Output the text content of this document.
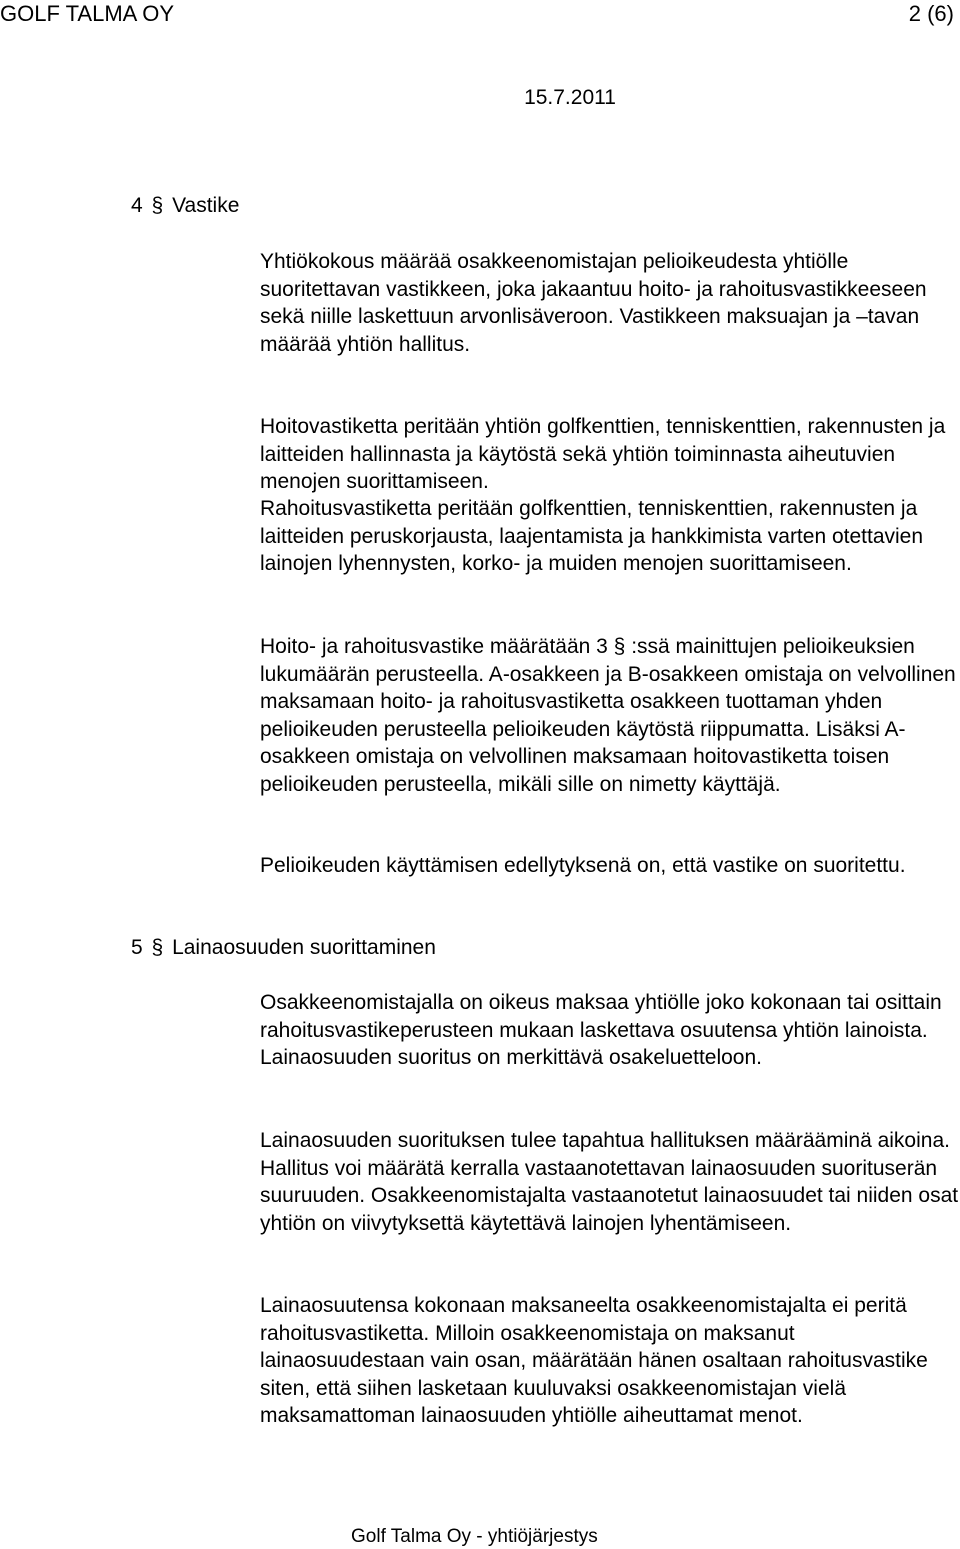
GOLF TALMA OY	2 (6)
15.7.2011
4 § Vastike
Yhtiökokous määrää osakkeenomistajan pelioikeudesta yhtiölle suoritettavan vastikkeen, joka jakaantuu hoito- ja rahoitusvastikkeeseen sekä niille laskettuun arvonlisäveroon. Vastikkeen maksuajan ja –tavan määrää yhtiön hallitus.
Hoitovastiketta peritään yhtiön golfkenttien, tenniskenttien, rakennusten ja laitteiden hallinnasta ja käytöstä sekä yhtiön toiminnasta aiheutuvien menojen suorittamiseen.
Rahoitusvastiketta peritään golfkenttien, tenniskenttien, rakennusten ja laitteiden peruskorjausta, laajentamista ja hankkimista varten otettavien lainojen lyhennysten, korko- ja muiden menojen suorittamiseen.
Hoito- ja rahoitusvastike määrätään 3 § :ssä mainittujen pelioikeuksien lukumäärän perusteella. A-osakkeen ja B-osakkeen omistaja on velvollinen maksamaan hoito- ja rahoitusvastiketta osakkeen tuottaman yhden pelioikeuden perusteella pelioikeuden käytöstä riippumatta. Lisäksi A-osakkeen omistaja on velvollinen maksamaan hoitovastiketta toisen pelioikeuden perusteella, mikäli sille on nimetty käyttäjä.
Pelioikeuden käyttämisen edellytyksenä on, että vastike on suoritettu.
5 § Lainaosuuden suorittaminen
Osakkeenomistajalla on oikeus maksaa yhtiölle joko kokonaan tai osittain rahoitusvastikeperusteen mukaan laskettava osuutensa yhtiön lainoista. Lainaosuuden suoritus on merkittävä osakeluetteloon.
Lainaosuuden suorituksen tulee tapahtua hallituksen määrääminä aikoina. Hallitus voi määrätä kerralla vastaanotettavan lainaosuuden suorituserän suuruuden. Osakkeenomistajalta vastaanotetut lainaosuudet tai niiden osat yhtiön on viivytyksettä käytettävä lainojen lyhentämiseen.
Lainaosuutensa kokonaan maksaneelta osakkeenomistajalta ei peritä rahoitusvastiketta. Milloin osakkeenomistaja on maksanut lainaosuudestaan vain osan, määrätään hänen osaltaan rahoitusvastike siten, että siihen lasketaan kuuluvaksi osakkeenomistajan vielä maksamattoman lainaosuuden yhtiölle aiheuttamat menot.
Golf Talma Oy - yhtiöjärjestys
